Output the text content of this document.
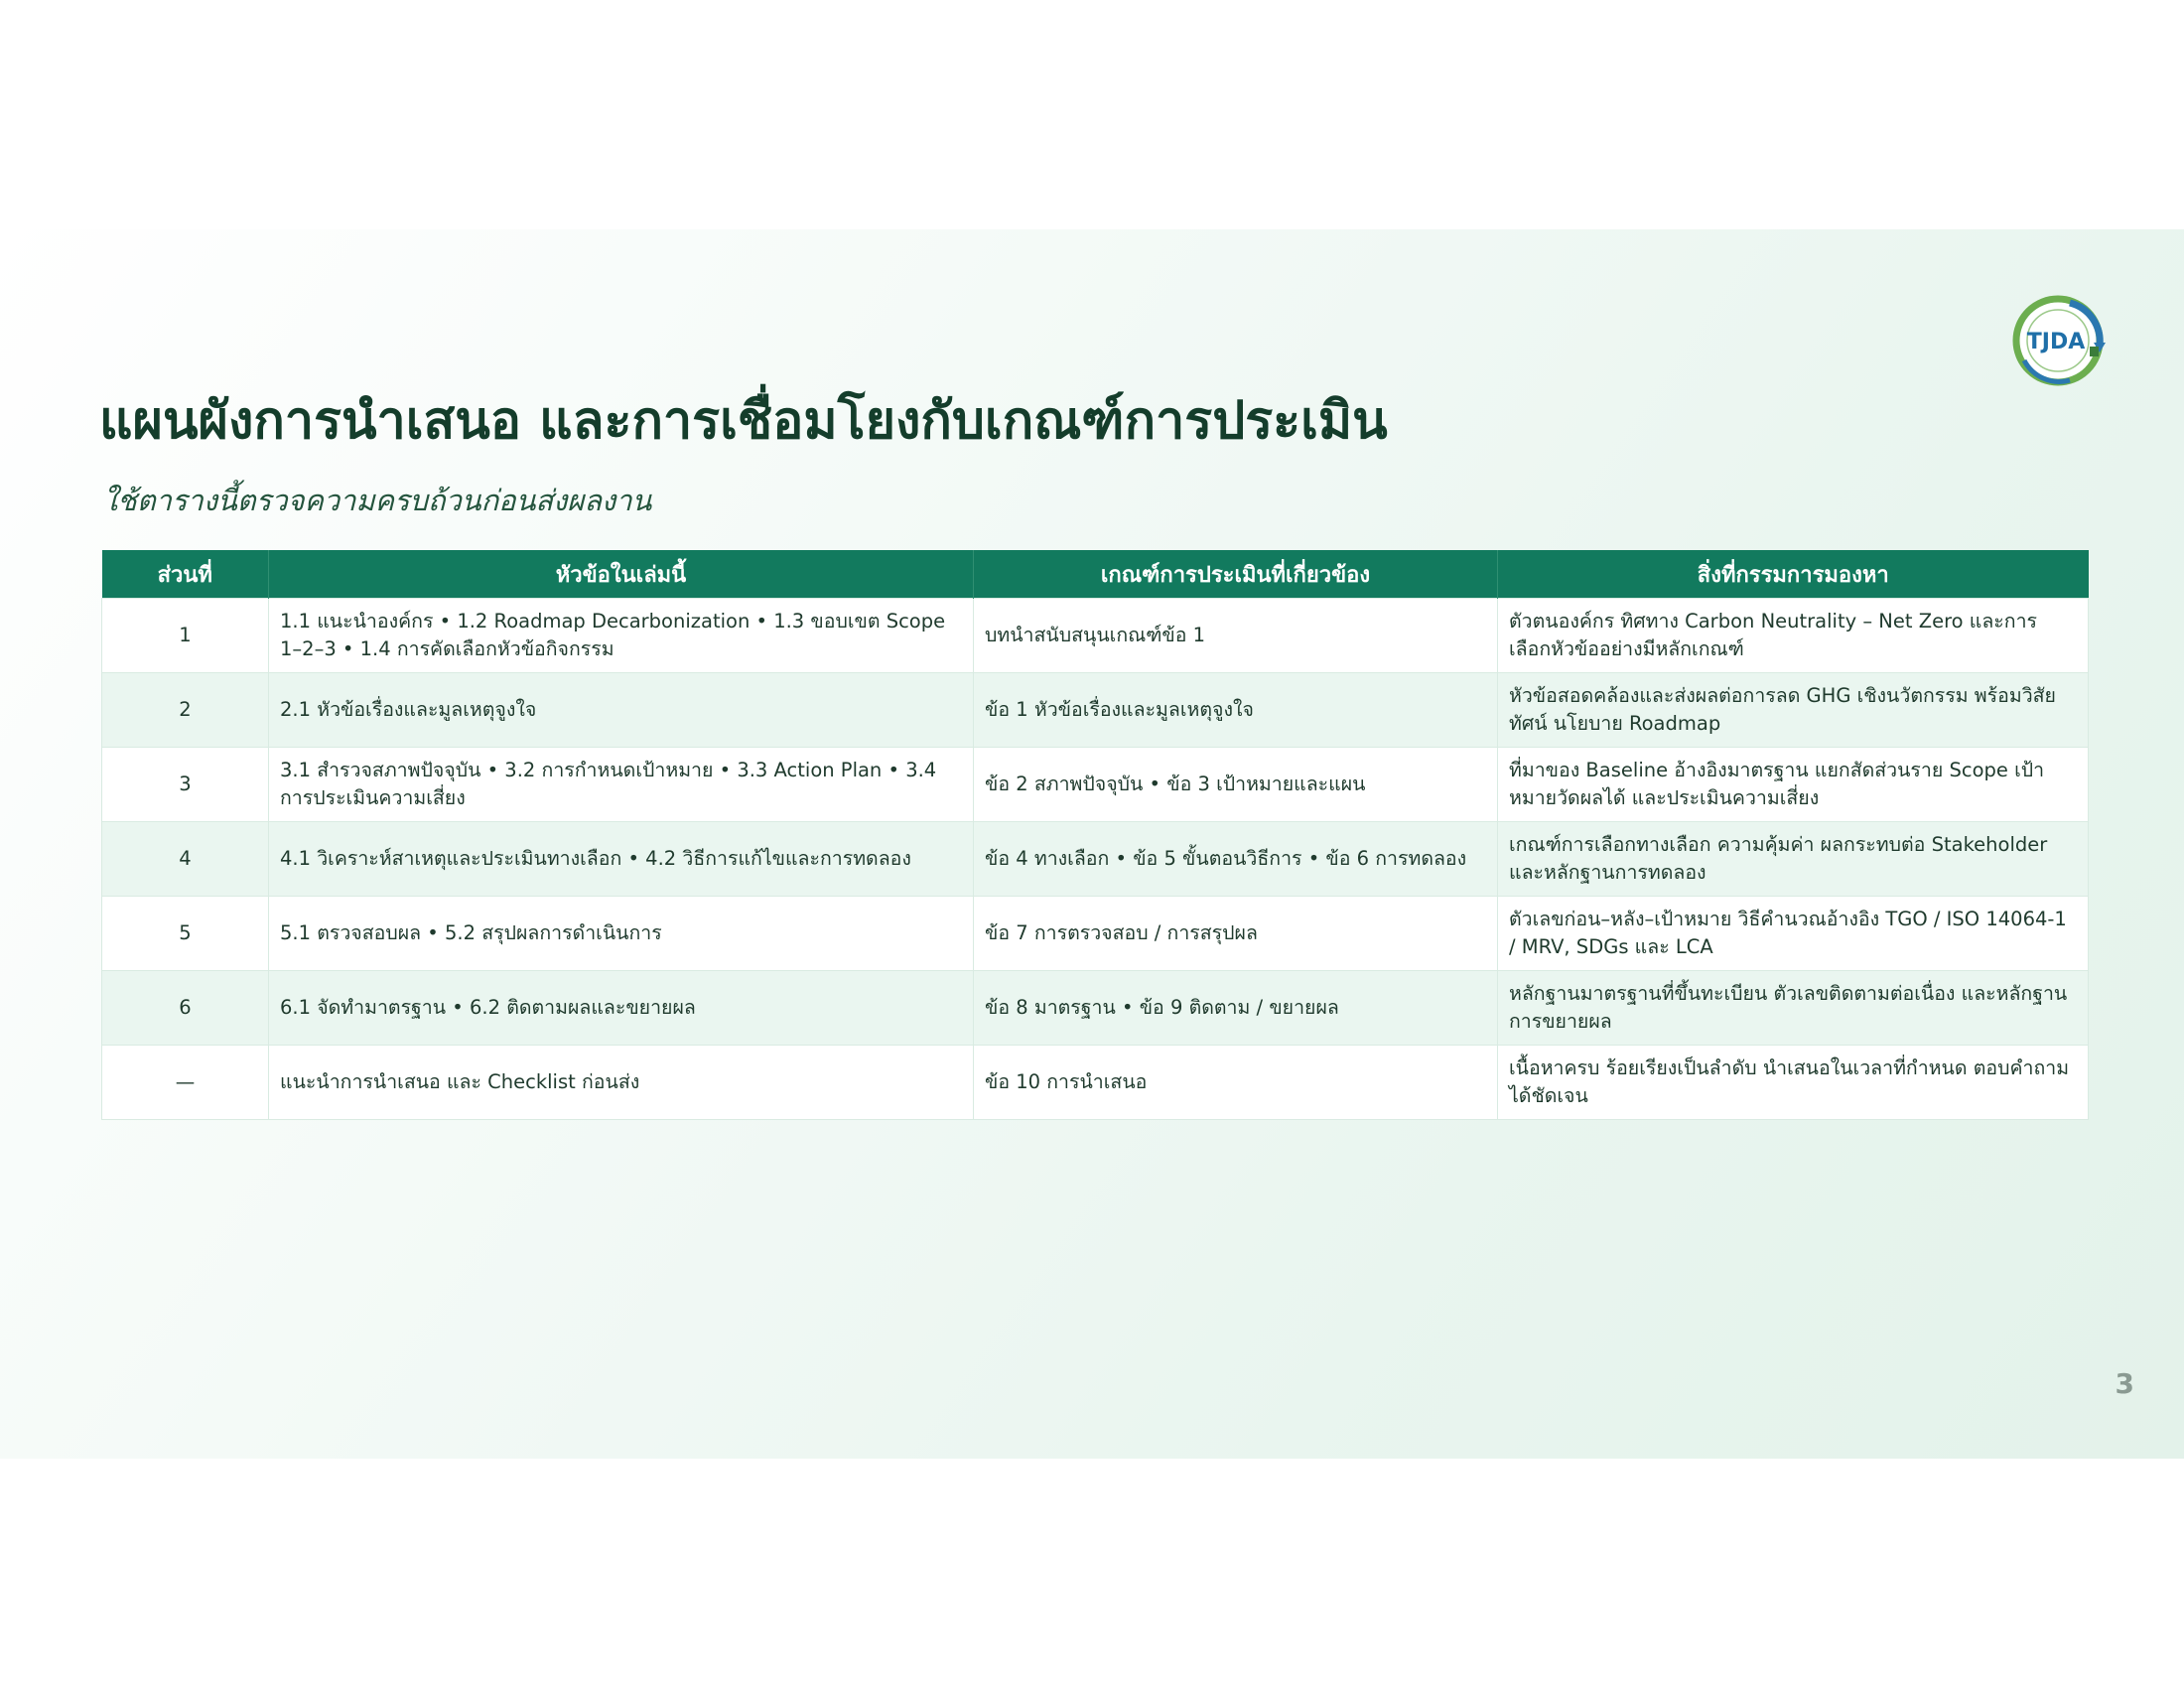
TJDA
แผนผังการนำเสนอ และการเชื่อมโยงกับเกณฑ์การประเมิน
ใช้ตารางนี้ตรวจความครบถ้วนก่อนส่งผลงาน
ส่วนที่	หัวข้อในเล่มนี้	เกณฑ์การประเมินที่เกี่ยวข้อง	สิ่งที่กรรมการมองหา
1	1.1 แนะนำองค์กร • 1.2 Roadmap Decarbonization • 1.3 ขอบเขต Scope 1–2–3 • 1.4 การคัดเลือกหัวข้อกิจกรรม	บทนำสนับสนุนเกณฑ์ข้อ 1	ตัวตนองค์กร ทิศทาง Carbon Neutrality – Net Zero และการเลือกหัวข้ออย่างมีหลักเกณฑ์
2	2.1 หัวข้อเรื่องและมูลเหตุจูงใจ	ข้อ 1 หัวข้อเรื่องและมูลเหตุจูงใจ	หัวข้อสอดคล้องและส่งผลต่อการลด GHG เชิงนวัตกรรม พร้อมวิสัยทัศน์ นโยบาย Roadmap
3	3.1 สำรวจสภาพปัจจุบัน • 3.2 การกำหนดเป้าหมาย • 3.3 Action Plan • 3.4 การประเมินความเสี่ยง	ข้อ 2 สภาพปัจจุบัน • ข้อ 3 เป้าหมายและแผน	ที่มาของ Baseline อ้างอิงมาตรฐาน แยกสัดส่วนราย Scope เป้าหมายวัดผลได้ และประเมินความเสี่ยง
4	4.1 วิเคราะห์สาเหตุและประเมินทางเลือก • 4.2 วิธีการแก้ไขและการทดลอง	ข้อ 4 ทางเลือก • ข้อ 5 ขั้นตอนวิธีการ • ข้อ 6 การทดลอง	เกณฑ์การเลือกทางเลือก ความคุ้มค่า ผลกระทบต่อ Stakeholder และหลักฐานการทดลอง
5	5.1 ตรวจสอบผล • 5.2 สรุปผลการดำเนินการ	ข้อ 7 การตรวจสอบ / การสรุปผล	ตัวเลขก่อน–หลัง–เป้าหมาย วิธีคำนวณอ้างอิง TGO / ISO 14064-1 / MRV, SDGs และ LCA
6	6.1 จัดทำมาตรฐาน • 6.2 ติดตามผลและขยายผล	ข้อ 8 มาตรฐาน • ข้อ 9 ติดตาม / ขยายผล	หลักฐานมาตรฐานที่ขึ้นทะเบียน ตัวเลขติดตามต่อเนื่อง และหลักฐานการขยายผล
—	แนะนำการนำเสนอ และ Checklist ก่อนส่ง	ข้อ 10 การนำเสนอ	เนื้อหาครบ ร้อยเรียงเป็นลำดับ นำเสนอในเวลาที่กำหนด ตอบคำถามได้ชัดเจน
3
